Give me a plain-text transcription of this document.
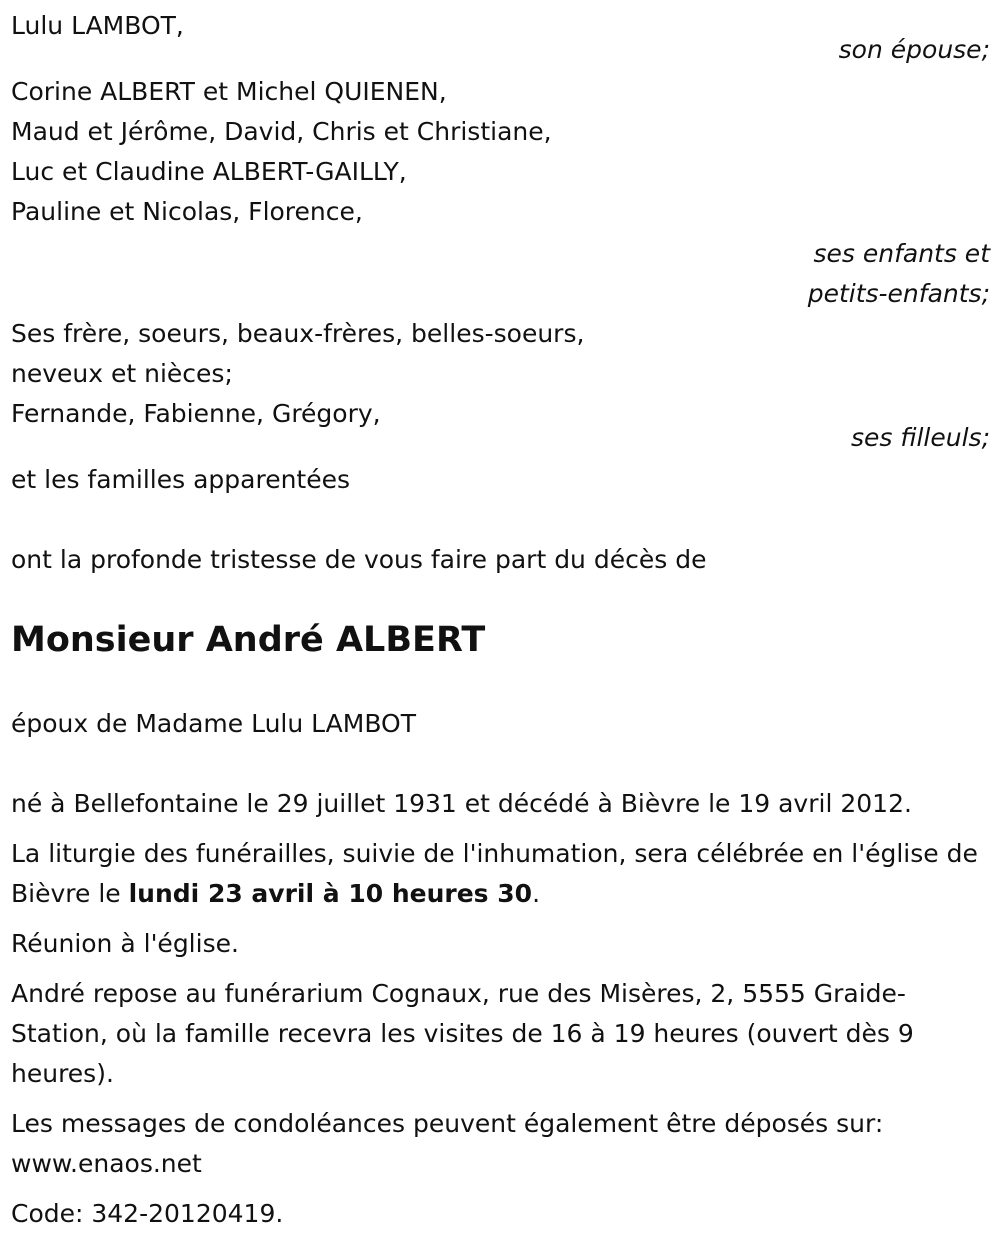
Lulu LAMBOT,
son épouse;
Corine ALBERT et Michel QUIENEN,
Maud et Jérôme, David, Chris et Christiane,
Luc et Claudine ALBERT-GAILLY,
Pauline et Nicolas, Florence,
ses enfants et
petits-enfants;
Ses frère, soeurs, beaux-frères, belles-soeurs,
neveux et nièces;
Fernande, Fabienne, Grégory,
ses filleuls;
et les familles apparentées
ont la profonde tristesse de vous faire part du décès de
Monsieur André ALBERT
époux de Madame Lulu LAMBOT
né à Bellefontaine le 29 juillet 1931 et décédé à Bièvre le 19 avril 2012.
La liturgie des funérailles, suivie de l'inhumation, sera célébrée en l'église de Bièvre le lundi 23 avril à 10 heures 30.
Réunion à l'église.
André repose au funérarium Cognaux, rue des Misères, 2, 5555 Graide-Station, où la famille recevra les visites de 16 à 19 heures (ouvert dès 9 heures).
Les messages de condoléances peuvent également être déposés sur: www.enaos.net
Code: 342-20120419.
